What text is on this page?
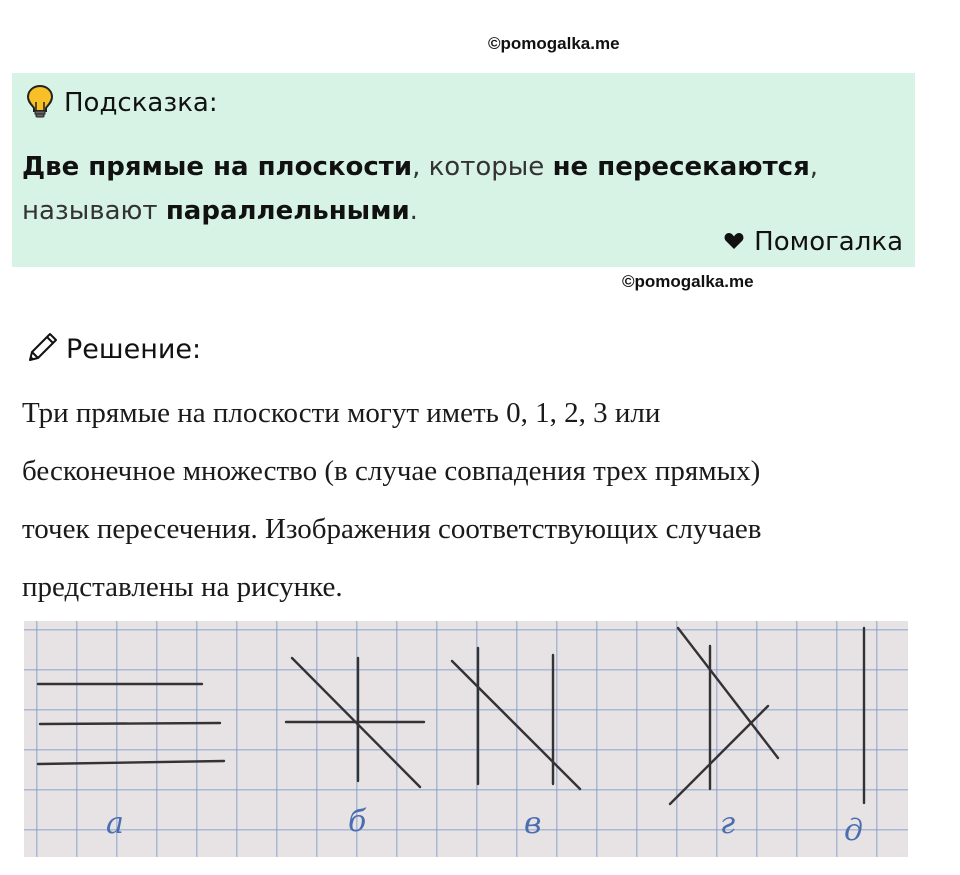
©pomogalka.me
Подсказка:
Две прямые на плоскости, которые не пересекаются,
называют параллельными.
Помогалка
©pomogalka.me
Решение:
Три прямые на плоскости могут иметь 0, 1, 2, 3 или
бесконечное множество (в случае совпадения трех прямых)
точек пересечения. Изображения соответствующих случаев
представлены на рисунке.
а	б	в	г	д
